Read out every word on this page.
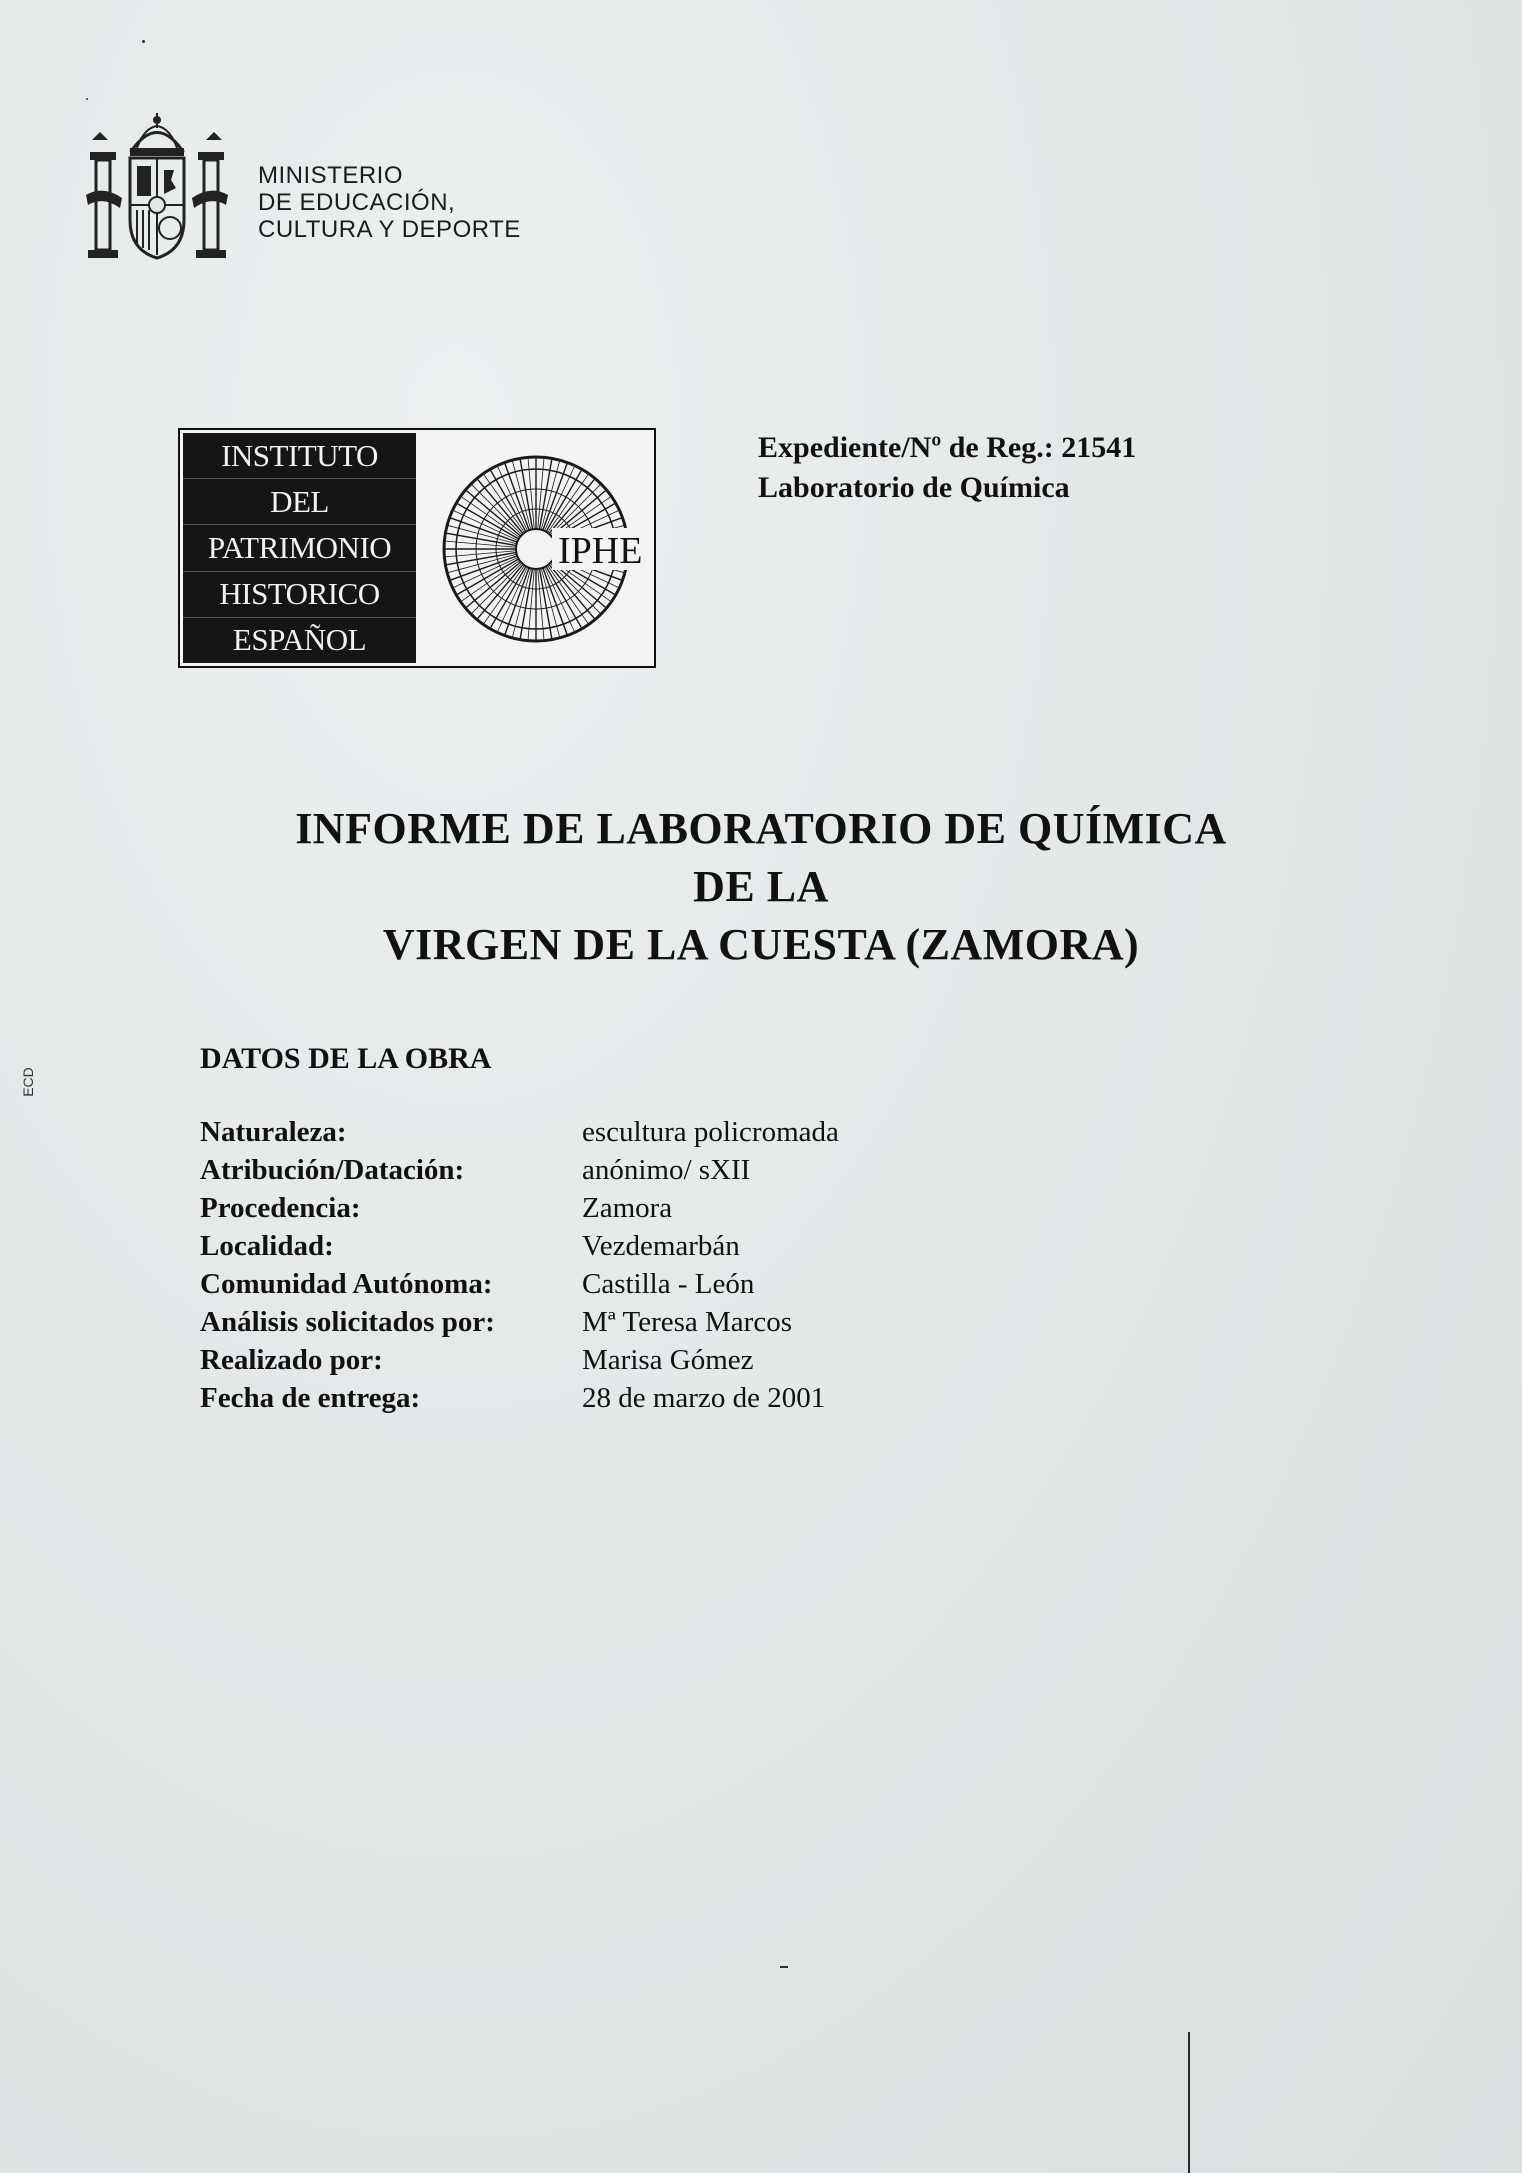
MINISTERIO
DE EDUCACIÓN,
CULTURA Y DEPORTE
INSTITUTO
DEL
PATRIMONIO
HISTORICO
ESPAÑOL
IPHE
Expediente/Nº de Reg.: 21541
Laboratorio de Química
INFORME DE LABORATORIO DE QUÍMICA
DE LA
VIRGEN DE LA CUESTA (ZAMORA)
ECD
DATOS DE LA OBRA
Naturaleza:	escultura policromada
Atribución/Datación:	anónimo/ sXII
Procedencia:	Zamora
Localidad:	Vezdemarbán
Comunidad Autónoma:	Castilla - León
Análisis solicitados por:	Mª Teresa Marcos
Realizado por:	Marisa Gómez
Fecha de entrega:	28 de marzo de 2001
